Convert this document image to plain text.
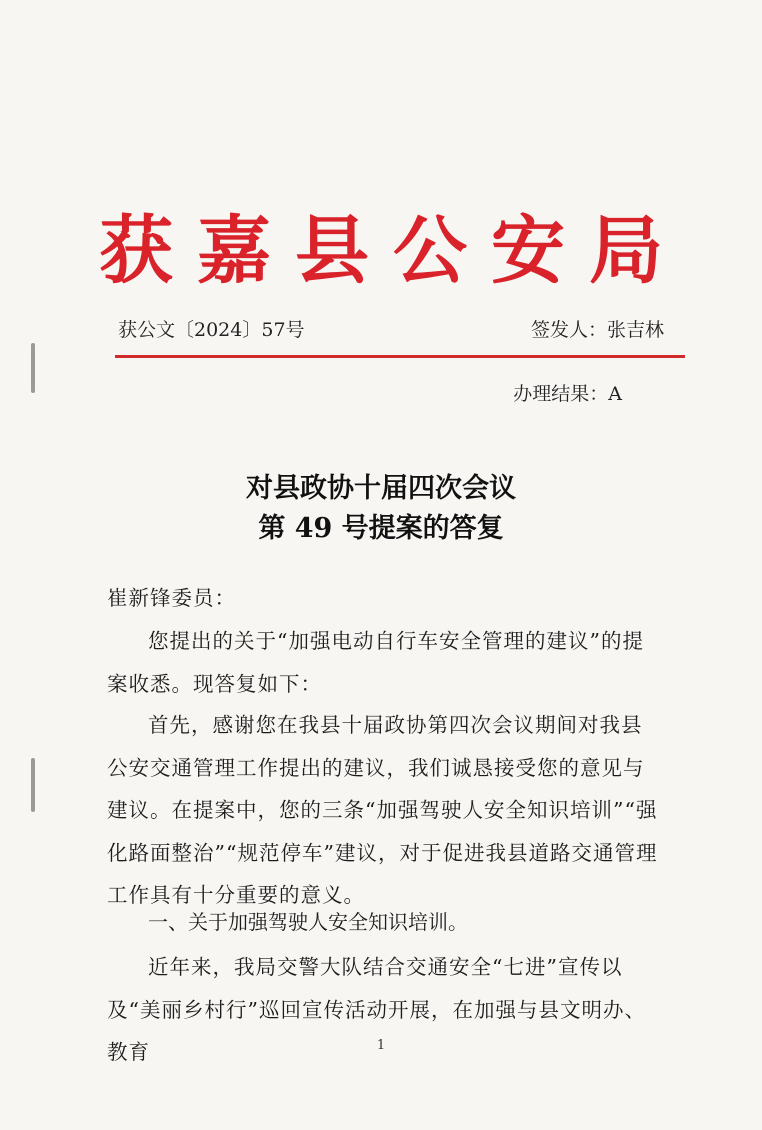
获嘉县公安局
获公文〔2024〕57号	签发人：张吉林
办理结果：A
对县政协十届四次会议
第 49 号提案的答复
崔新锋委员：

您提出的关于“加强电动自行车安全管理的建议”的提案收悉。现答复如下：

首先，感谢您在我县十届政协第四次会议期间对我县公安交通管理工作提出的建议，我们诚恳接受您的意见与建议。在提案中，您的三条“加强驾驶人安全知识培训”“强化路面整治”“规范停车”建议，对于促进我县道路交通管理工作具有十分重要的意义。

一、关于加强驾驶人安全知识培训。

近年来，我局交警大队结合交通安全“七进”宣传以及“美丽乡村行”巡回宣传活动开展，在加强与县文明办、教育	1
